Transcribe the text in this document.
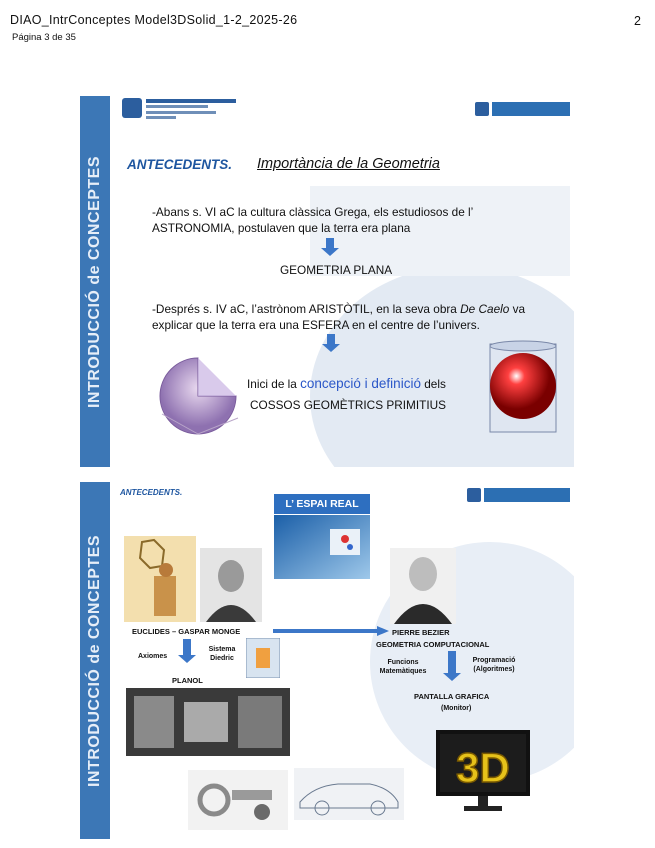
DIAO_IntrConceptes Model3DSolid_1-2_2025-26
Página 3 de 35
2
INTRODUCCIÓ de CONCEPTES ANTECEDENTS. Importància de la Geometria
-Abans s. VI aC la cultura clàssica Grega, els estudiosos de l’ ASTRONOMIA, postulaven que la terra era plana
GEOMETRIA PLANA
-Després s. IV aC, l’astrònom ARISTÒTIL, en la seva obra De Caelo va explicar que la terra era una ESFERA en el centre de l’univers.
Inici de la concepció i definició dels
COSSOS GEOMÈTRICS PRIMITIUS
INTRODUCCIÓ de CONCEPTES
ANTECEDENTS.
L’ ESPAI REAL
EUCLIDES – GASPAR MONGE
Axiomes
Sistema Diedric
PLANOL
PIERRE BEZIER
GEOMETRIA COMPUTACIONAL
Funcions Matemàtiques
Programació (Algoritmes)
PANTALLA GRAFICA
(Monitor)
3D
